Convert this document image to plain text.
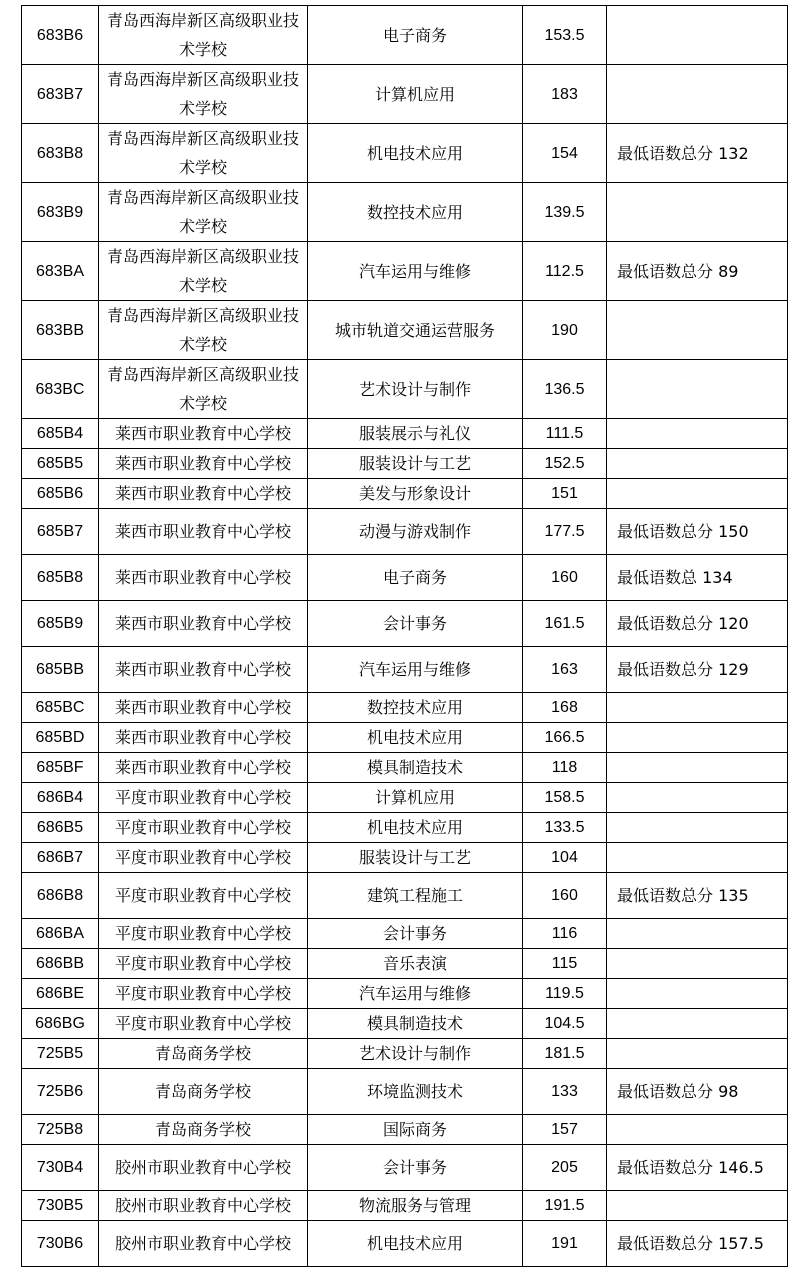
683B6	青岛西海岸新区高级职业技术学校	电子商务	153.5	
683B7	青岛西海岸新区高级职业技术学校	计算机应用	183	
683B8	青岛西海岸新区高级职业技术学校	机电技术应用	154	最低语数总分 132
683B9	青岛西海岸新区高级职业技术学校	数控技术应用	139.5	
683BA	青岛西海岸新区高级职业技术学校	汽车运用与维修	112.5	最低语数总分 89
683BB	青岛西海岸新区高级职业技术学校	城市轨道交通运营服务	190	
683BC	青岛西海岸新区高级职业技术学校	艺术设计与制作	136.5	
685B4	莱西市职业教育中心学校	服装展示与礼仪	111.5	
685B5	莱西市职业教育中心学校	服装设计与工艺	152.5	
685B6	莱西市职业教育中心学校	美发与形象设计	151	
685B7	莱西市职业教育中心学校	动漫与游戏制作	177.5	最低语数总分 150
685B8	莱西市职业教育中心学校	电子商务	160	最低语数总 134
685B9	莱西市职业教育中心学校	会计事务	161.5	最低语数总分 120
685BB	莱西市职业教育中心学校	汽车运用与维修	163	最低语数总分 129
685BC	莱西市职业教育中心学校	数控技术应用	168	
685BD	莱西市职业教育中心学校	机电技术应用	166.5	
685BF	莱西市职业教育中心学校	模具制造技术	118	
686B4	平度市职业教育中心学校	计算机应用	158.5	
686B5	平度市职业教育中心学校	机电技术应用	133.5	
686B7	平度市职业教育中心学校	服装设计与工艺	104	
686B8	平度市职业教育中心学校	建筑工程施工	160	最低语数总分 135
686BA	平度市职业教育中心学校	会计事务	116	
686BB	平度市职业教育中心学校	音乐表演	115	
686BE	平度市职业教育中心学校	汽车运用与维修	119.5	
686BG	平度市职业教育中心学校	模具制造技术	104.5	
725B5	青岛商务学校	艺术设计与制作	181.5	
725B6	青岛商务学校	环境监测技术	133	最低语数总分 98
725B8	青岛商务学校	国际商务	157	
730B4	胶州市职业教育中心学校	会计事务	205	最低语数总分 146.5
730B5	胶州市职业教育中心学校	物流服务与管理	191.5	
730B6	胶州市职业教育中心学校	机电技术应用	191	最低语数总分 157.5
